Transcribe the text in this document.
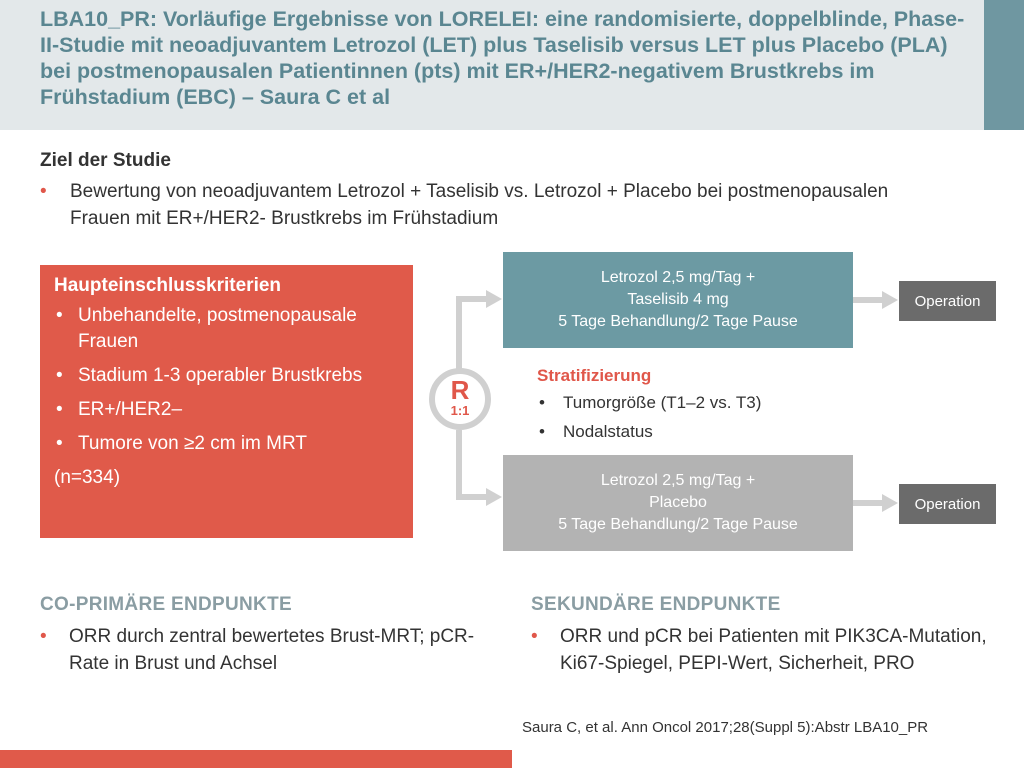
LBA10_PR: Vorläufige Ergebnisse von LORELEI: eine randomisierte, doppelblinde, Phase-II-Studie mit neoadjuvantem Letrozol (LET) plus Taselisib versus LET plus Placebo (PLA) bei postmenopausalen Patientinnen (pts) mit ER+/HER2-negativem Brustkrebs im Frühstadium (EBC) – Saura C et al
Ziel der Studie
• Bewertung von neoadjuvantem Letrozol + Taselisib vs. Letrozol + Placebo bei postmenopausalen Frauen mit ER+/HER2- Brustkrebs im Frühstadium
Haupteinschlusskriterien
• Unbehandelte, postmenopausale Frauen
• Stadium 1-3 operabler Brustkrebs
• ER+/HER2–
• Tumore von ≥2 cm im MRT
(n=334)
R
1:1
Letrozol 2,5 mg/Tag +
Taselisib 4 mg
5 Tage Behandlung/2 Tage Pause
Operation
Letrozol 2,5 mg/Tag +
Placebo
5 Tage Behandlung/2 Tage Pause
Operation
Stratifizierung
• Tumorgröße (T1–2 vs. T3)
• Nodalstatus
CO-PRIMÄRE ENDPUNKTE
• ORR durch zentral bewertetes Brust-MRT; pCR-Rate in Brust und Achsel
SEKUNDÄRE ENDPUNKTE
• ORR und pCR bei Patienten mit PIK3CA-Mutation, Ki67-Spiegel, PEPI-Wert, Sicherheit, PRO
Saura C, et al. Ann Oncol 2017;28(Suppl 5):Abstr LBA10_PR
